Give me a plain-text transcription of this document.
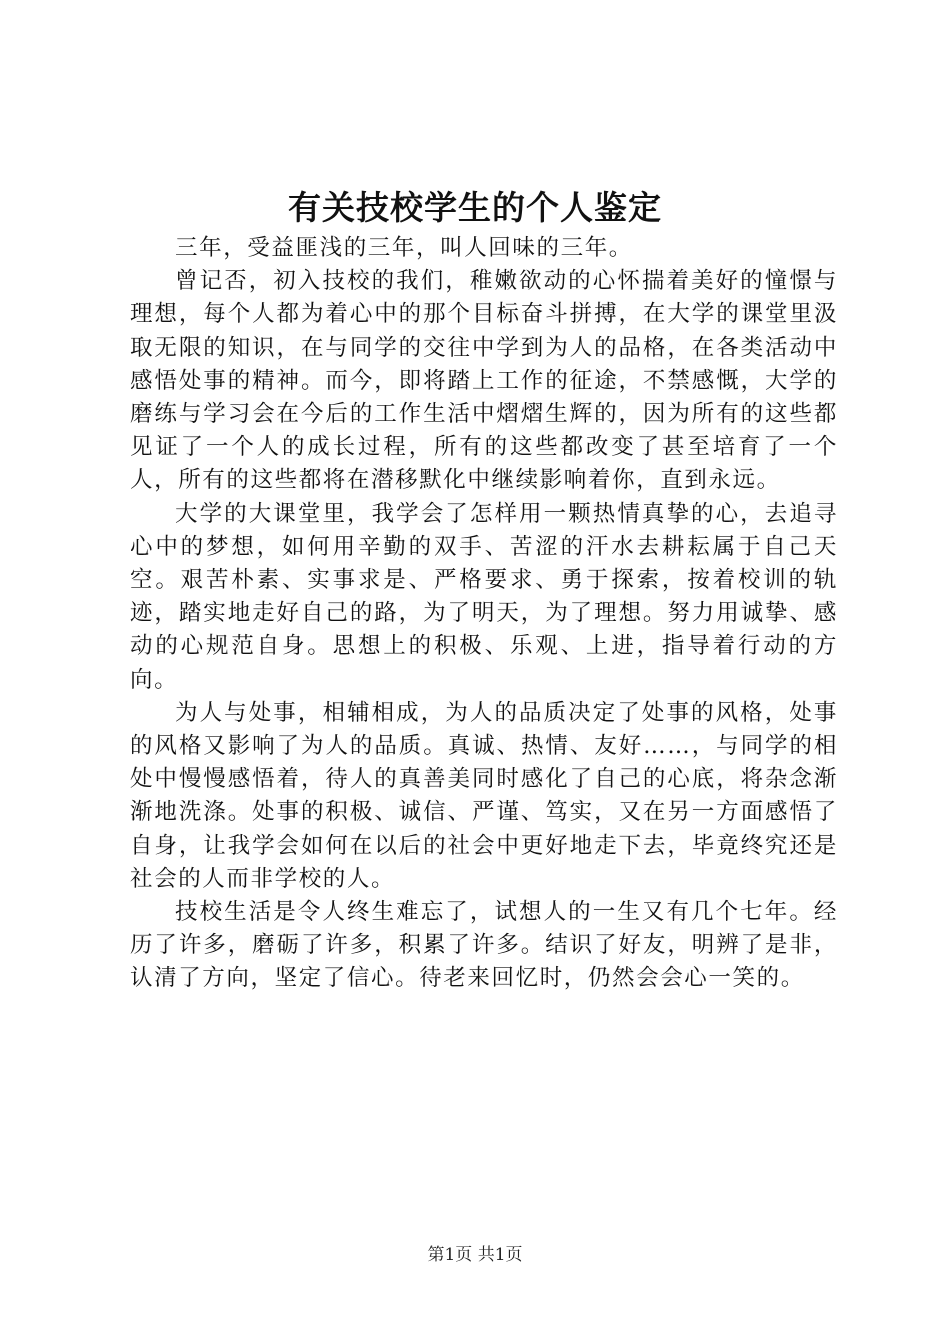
有关技校学生的个人鉴定

三年，受益匪浅的三年，叫人回味的三年。

曾记否，初入技校的我们，稚嫩欲动的心怀揣着美好的憧憬与理想，每个人都为着心中的那个目标奋斗拼搏，在大学的课堂里汲取无限的知识，在与同学的交往中学到为人的品格，在各类活动中感悟处事的精神。而今，即将踏上工作的征途，不禁感慨，大学的磨练与学习会在今后的工作生活中熠熠生辉的，因为所有的这些都见证了一个人的成长过程，所有的这些都改变了甚至培育了一个人，所有的这些都将在潜移默化中继续影响着你，直到永远。

大学的大课堂里，我学会了怎样用一颗热情真挚的心，去追寻心中的梦想，如何用辛勤的双手、苦涩的汗水去耕耘属于自己天空。艰苦朴素、实事求是、严格要求、勇于探索，按着校训的轨迹，踏实地走好自己的路，为了明天，为了理想。努力用诚挚、感动的心规范自身。思想上的积极、乐观、上进，指导着行动的方向。

为人与处事，相辅相成，为人的品质决定了处事的风格，处事的风格又影响了为人的品质。真诚、热情、友好……，与同学的相处中慢慢感悟着，待人的真善美同时感化了自己的心底，将杂念渐渐地洗涤。处事的积极、诚信、严谨、笃实，又在另一方面感悟了自身，让我学会如何在以后的社会中更好地走下去，毕竟终究还是社会的人而非学校的人。

技校生活是令人终生难忘了，试想人的一生又有几个七年。经历了许多，磨砺了许多，积累了许多。结识了好友，明辨了是非，认清了方向，坚定了信心。待老来回忆时，仍然会会心一笑的。

第1页 共1页
